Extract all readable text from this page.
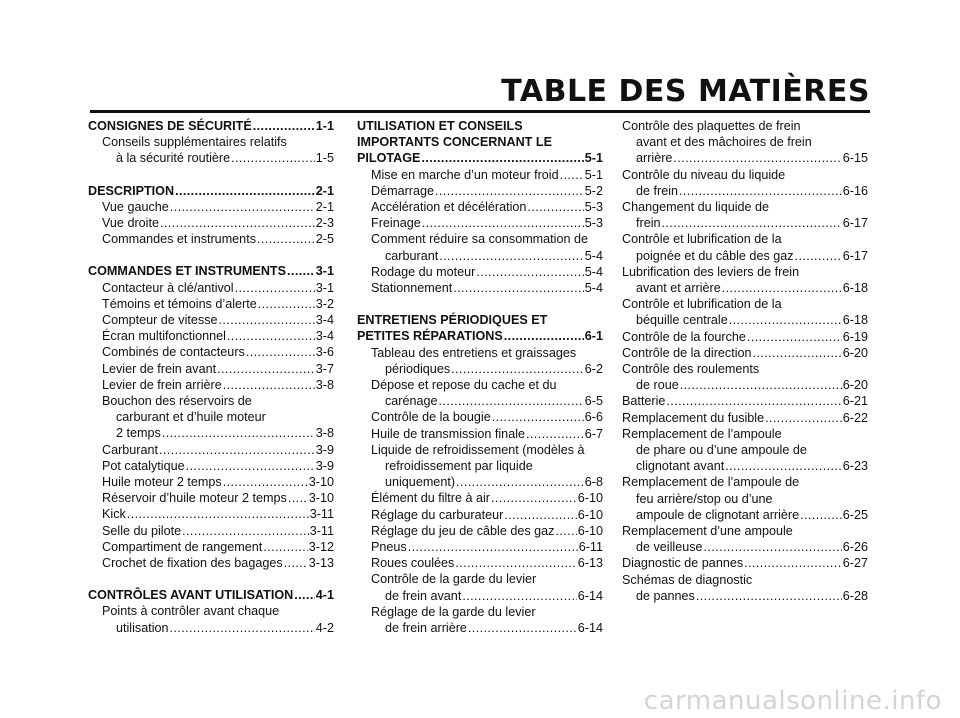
TABLE DES MATIÈRES
CONSIGNES DE SÉCURITÉ .....	1-1
Conseils supplémentaires relatifs
à la sécurité routière .....	1-5
DESCRIPTION .....	2-1
Vue gauche .....	2-1
Vue droite .....	2-3
Commandes et instruments .....	2-5
COMMANDES ET INSTRUMENTS ..... 3-1
Contacteur à clé/antivol .....	3-1
Témoins et témoins d’alerte .....	3-2
Compteur de vitesse .....	3-4
Écran multifonctionnel .....	3-4
Combinés de contacteurs .....	3-6
Levier de frein avant .....	3-7
Levier de frein arrière .....	3-8
Bouchon des réservoirs de
carburant et d’huile moteur
2 temps .....	3-8
Carburant .....	3-9
Pot catalytique .....	3-9
Huile moteur 2 temps .....	3-10
Réservoir d’huile moteur 2 temps ..... 3-10
Kick .....	3-11
Selle du pilote .....	3-11
Compartiment de rangement .....	3-12
Crochet de fixation des bagages ..... 3-13
CONTRÔLES AVANT UTILISATION ..... 4-1
Points à contrôler avant chaque
utilisation .....	4-2
UTILISATION ET CONSEILS
IMPORTANTS CONCERNANT LE
PILOTAGE .....	5-1
Mise en marche d’un moteur froid ..... 5-1
Démarrage .....	5-2
Accélération et décélération .....	5-3
Freinage .....	5-3
Comment réduire sa consommation de
carburant .....	5-4
Rodage du moteur .....	5-4
Stationnement .....	5-4
ENTRETIENS PÉRIODIQUES ET
PETITES RÉPARATIONS .....	6-1
Tableau des entretiens et graissages
périodiques .....	6-2
Dépose et repose du cache et du
carénage .....	6-5
Contrôle de la bougie .....	6-6
Huile de transmission finale .....	6-7
Liquide de refroidissement (modèles à
refroidissement par liquide
uniquement) .....	6-8
Élément du filtre à air .....	6-10
Réglage du carburateur .....	6-10
Réglage du jeu de câble des gaz ..... 6-10
Pneus .....	6-11
Roues coulées .....	6-13
Contrôle de la garde du levier
de frein avant .....	6-14
Réglage de la garde du levier
de frein arrière .....	6-14
Contrôle des plaquettes de frein
avant et des mâchoires de frein
arrière .....	6-15
Contrôle du niveau du liquide
de frein .....	6-16
Changement du liquide de
frein .....	6-17
Contrôle et lubrification de la
poignée et du câble des gaz .....	6-17
Lubrification des leviers de frein
avant et arrière .....	6-18
Contrôle et lubrification de la
béquille centrale .....	6-18
Contrôle de la fourche .....	6-19
Contrôle de la direction .....	6-20
Contrôle des roulements
de roue .....	6-20
Batterie .....	6-21
Remplacement du fusible .....	6-22
Remplacement de l’ampoule
de phare ou d’une ampoule de
clignotant avant .....	6-23
Remplacement de l’ampoule de
feu arrière/stop ou d’une
ampoule de clignotant arrière .....	6-25
Remplacement d’une ampoule
de veilleuse .....	6-26
Diagnostic de pannes .....	6-27
Schémas de diagnostic
de pannes .....	6-28
carmanualsonline.info
